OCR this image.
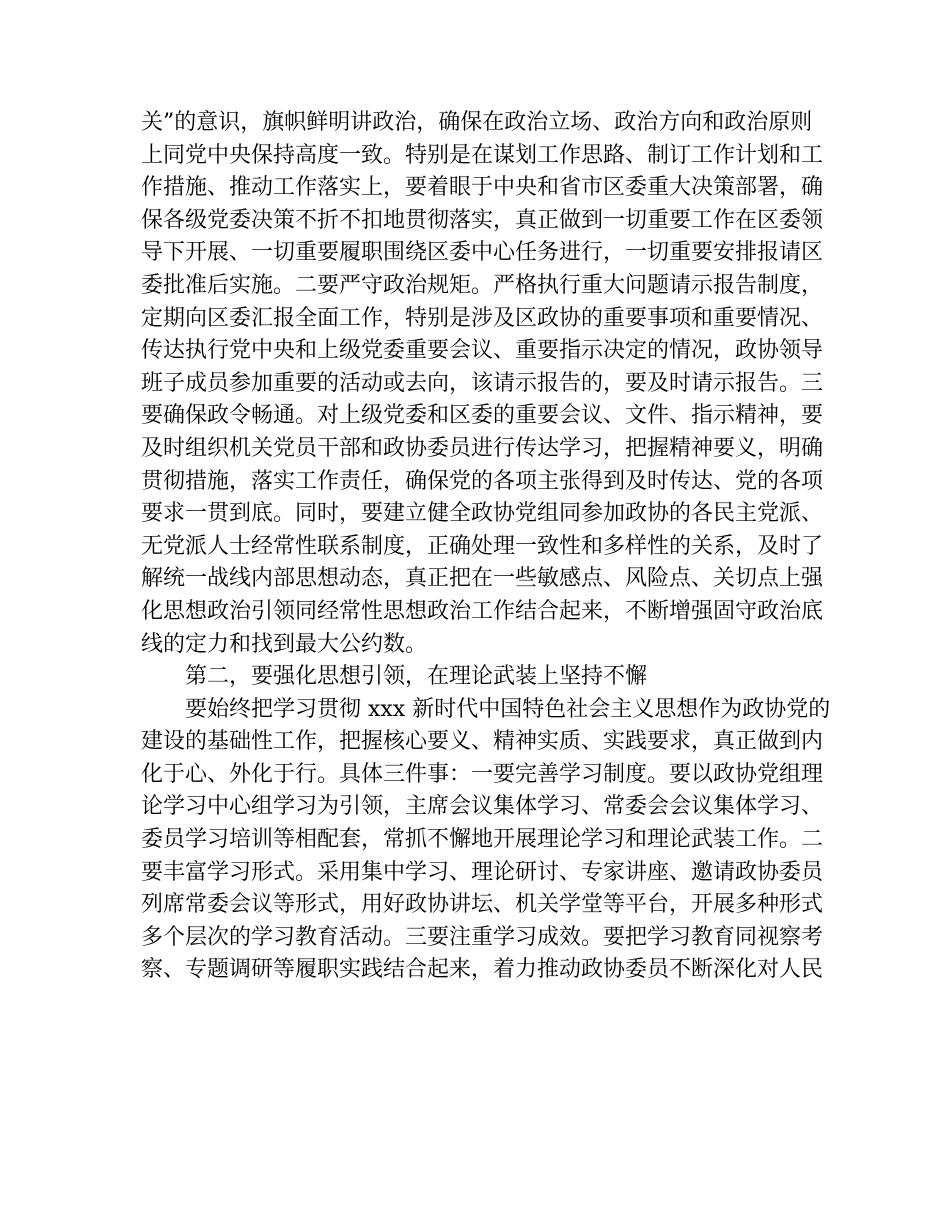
关”的意识，旗帜鲜明讲政治，确保在政治立场、政治方向和政治原则
上同党中央保持高度一致。特别是在谋划工作思路、制订工作计划和工
作措施、推动工作落实上，要着眼于中央和省市区委重大决策部署，确
保各级党委决策不折不扣地贯彻落实，真正做到一切重要工作在区委领
导下开展、一切重要履职围绕区委中心任务进行，一切重要安排报请区
委批准后实施。二要严守政治规矩。严格执行重大问题请示报告制度，
定期向区委汇报全面工作，特别是涉及区政协的重要事项和重要情况、
传达执行党中央和上级党委重要会议、重要指示决定的情况，政协领导
班子成员参加重要的活动或去向，该请示报告的，要及时请示报告。三
要确保政令畅通。对上级党委和区委的重要会议、文件、指示精神，要
及时组织机关党员干部和政协委员进行传达学习，把握精神要义，明确
贯彻措施，落实工作责任，确保党的各项主张得到及时传达、党的各项
要求一贯到底。同时，要建立健全政协党组同参加政协的各民主党派、
无党派人士经常性联系制度，正确处理一致性和多样性的关系，及时了
解统一战线内部思想动态，真正把在一些敏感点、风险点、关切点上强
化思想政治引领同经常性思想政治工作结合起来，不断增强固守政治底
线的定力和找到最大公约数。
第二，要强化思想引领，在理论武装上坚持不懈
要始终把学习贯彻 xxx 新时代中国特色社会主义思想作为政协党的
建设的基础性工作，把握核心要义、精神实质、实践要求，真正做到内
化于心、外化于行。具体三件事：一要完善学习制度。要以政协党组理
论学习中心组学习为引领，主席会议集体学习、常委会会议集体学习、
委员学习培训等相配套，常抓不懈地开展理论学习和理论武装工作。二
要丰富学习形式。采用集中学习、理论研讨、专家讲座、邀请政协委员
列席常委会议等形式，用好政协讲坛、机关学堂等平台，开展多种形式
多个层次的学习教育活动。三要注重学习成效。要把学习教育同视察考
察、专题调研等履职实践结合起来，着力推动政协委员不断深化对人民
